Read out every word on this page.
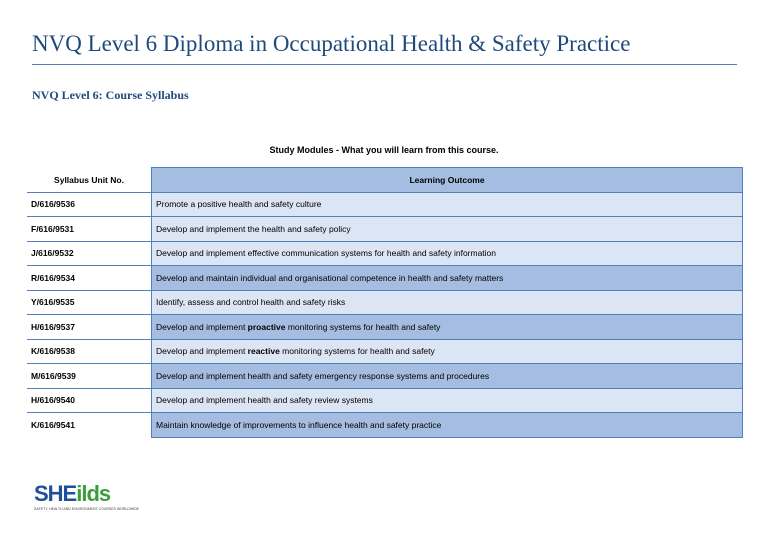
NVQ Level 6 Diploma in Occupational Health & Safety Practice
NVQ Level 6: Course Syllabus
Study Modules - What you will learn from this course.
Syllabus Unit No.	Learning Outcome
D/616/9536	Promote a positive health and safety culture
F/616/9531	Develop and implement the health and safety policy
J/616/9532	Develop and implement effective communication systems for health and safety information
R/616/9534	Develop and maintain individual and organisational competence in health and safety matters
Y/616/9535	Identify, assess and control health and safety risks
H/616/9537	Develop and implement proactive monitoring systems for health and safety
K/616/9538	Develop and implement reactive monitoring systems for health and safety
M/616/9539	Develop and implement health and safety emergency response systems and procedures
H/616/9540	Develop and implement health and safety review systems
K/616/9541	Maintain knowledge of improvements to influence health and safety practice
SHEilds
SAFETY, HEALTH AND ENVIRONMENT COURSES WORLDWIDE
